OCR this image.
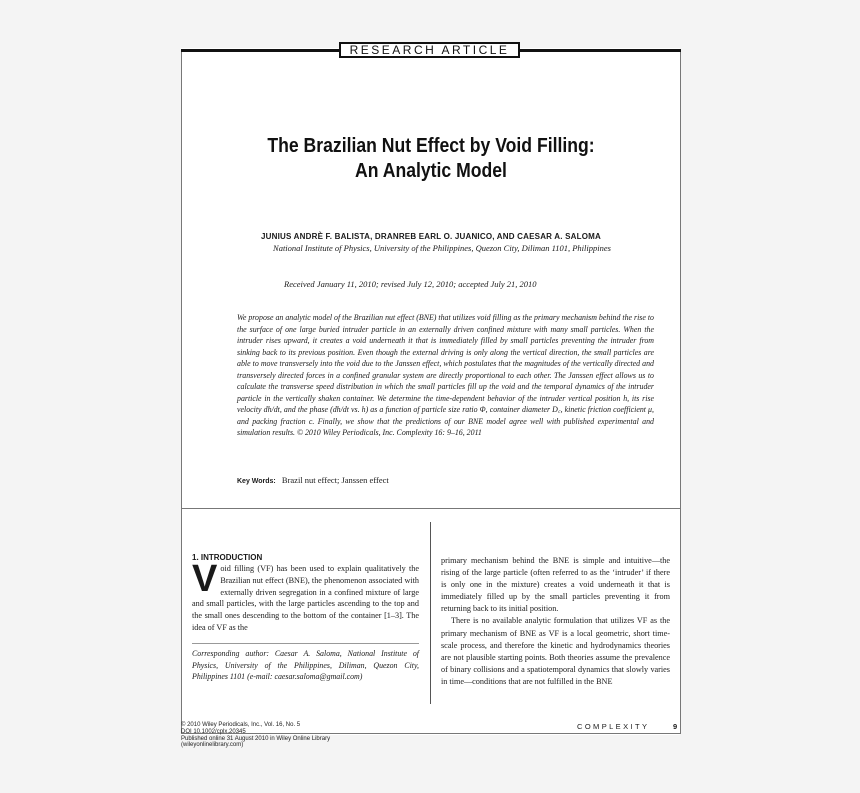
RESEARCH ARTICLE
The Brazilian Nut Effect by Void Filling:
An Analytic Model
JUNIUS ANDRÈ F. BALISTA, DRANREB EARL O. JUANICO, AND CAESAR A. SALOMA
National Institute of Physics, University of the Philippines, Quezon City, Diliman 1101, Philippines
Received January 11, 2010; revised July 12, 2010; accepted July 21, 2010
We propose an analytic model of the Brazilian nut effect (BNE) that utilizes void filling as the primary mechanism behind the rise to the surface of one large buried intruder particle in an externally driven confined mixture with many small particles. When the intruder rises upward, it creates a void underneath it that is immediately filled by small particles preventing the intruder from sinking back to its previous position. Even though the external driving is only along the vertical direction, the small particles are able to move transversely into the void due to the Janssen effect, which postulates that the magnitudes of the vertically directed and transversely directed forces in a confined granular system are directly proportional to each other. The Janssen effect allows us to calculate the transverse speed distribution in which the small particles fill up the void and the temporal dynamics of the intruder particle in the vertically shaken container. We determine the time-dependent behavior of the intruder vertical position h, its rise velocity dh/dt, and the phase (dh/dt vs. h) as a function of particle size ratio Φ, container diameter D꜀, kinetic friction coefficient μ, and packing fraction c. Finally, we show that the predictions of our BNE model agree well with published experimental and simulation results. © 2010 Wiley Periodicals, Inc. Complexity 16: 9–16, 2011
Key Words: Brazil nut effect; Janssen effect
1. INTRODUCTION
V oid filling (VF) has been used to explain qualitatively the Brazilian nut effect (BNE), the phenomenon associated with externally driven segregation in a confined mixture of large and small particles, with the large particles ascending to the top and the small ones descending to the bottom of the container [1–3]. The idea of VF as the
Corresponding author: Caesar A. Saloma, National Institute of Physics, University of the Philippines, Diliman, Quezon City, Philippines 1101 (e-mail: caesar.saloma@gmail.com)

primary mechanism behind the BNE is simple and intuitive—the rising of the large particle (often referred to as the ‘intruder’ if there is only one in the mixture) creates a void underneath it that is immediately filled up by the small particles preventing it from returning back to its initial position.

There is no available analytic formulation that utilizes VF as the primary mechanism of BNE as VF is a local geometric, short time-scale process, and therefore the kinetic and hydrodynamics theories are not plausible starting points. Both theories assume the prevalence of binary collisions and a spatiotemporal dynamics that slowly varies in time—conditions that are not fulfilled in the BNE

© 2010 Wiley Periodicals, Inc., Vol. 16, No. 5
DOI 10.1002/cplx.20345
Published online 31 August 2010 in Wiley Online Library
(wileyonlinelibrary.com)
COMPLEXITY	9
